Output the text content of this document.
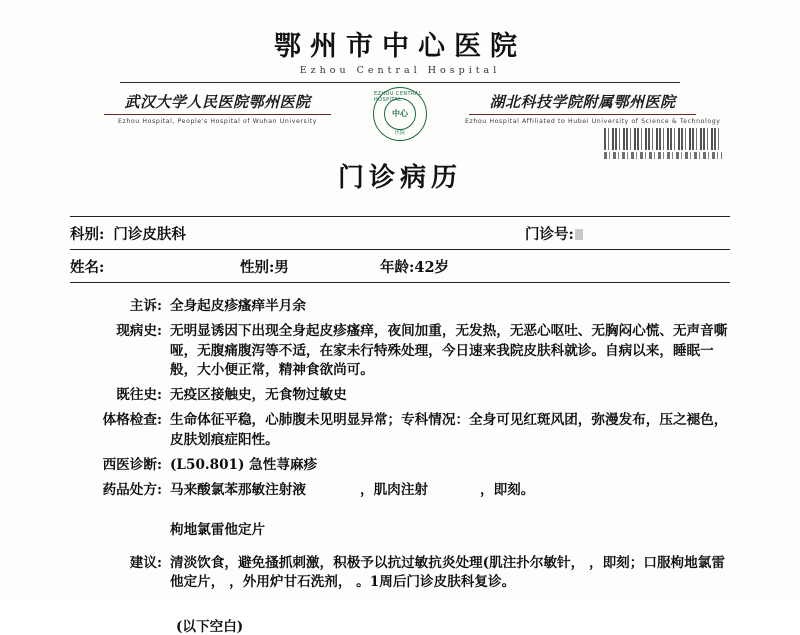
鄂州市中心医院
Ezhou Central Hospital
武汉大学人民医院鄂州医院
Ezhou Hospital, People's Hospital of Wuhan University
EZHOU CENTRAL HOSPITAL
中心
医院
湖北科技学院附属鄂州医院
Ezhou Hospital Affiliated to Hubei University of Science & Technology
门诊病历
科别: 门诊皮肤科	门诊号:
姓名:	性别:男	年龄:42岁
主诉: 全身起皮疹瘙痒半月余
现病史: 无明显诱因下出现全身起皮疹瘙痒，夜间加重，无发热，无恶心呕吐、无胸闷心慌、无声音嘶哑，无腹痛腹泻等不适，在家未行特殊处理，今日速来我院皮肤科就诊。自病以来，睡眠一般，大小便正常，精神食欲尚可。
既往史: 无疫区接触史，无食物过敏史
体格检查: 生命体征平稳，心肺腹未见明显异常；专科情况：全身可见红斑风团，弥漫发布，压之褪色，皮肤划痕症阳性。
西医诊断: (L50.801) 急性荨麻疹
药品处方: 马来酸氯苯那敏注射液	，肌肉注射	，即刻。
枸地氯雷他定片
建议: 清淡饮食，避免搔抓刺激，积极予以抗过敏抗炎处理(肌注扑尔敏针， ，即刻；口服枸地氯雷他定片， ，外用炉甘石洗剂， 。1周后门诊皮肤科复诊。
(以下空白)
